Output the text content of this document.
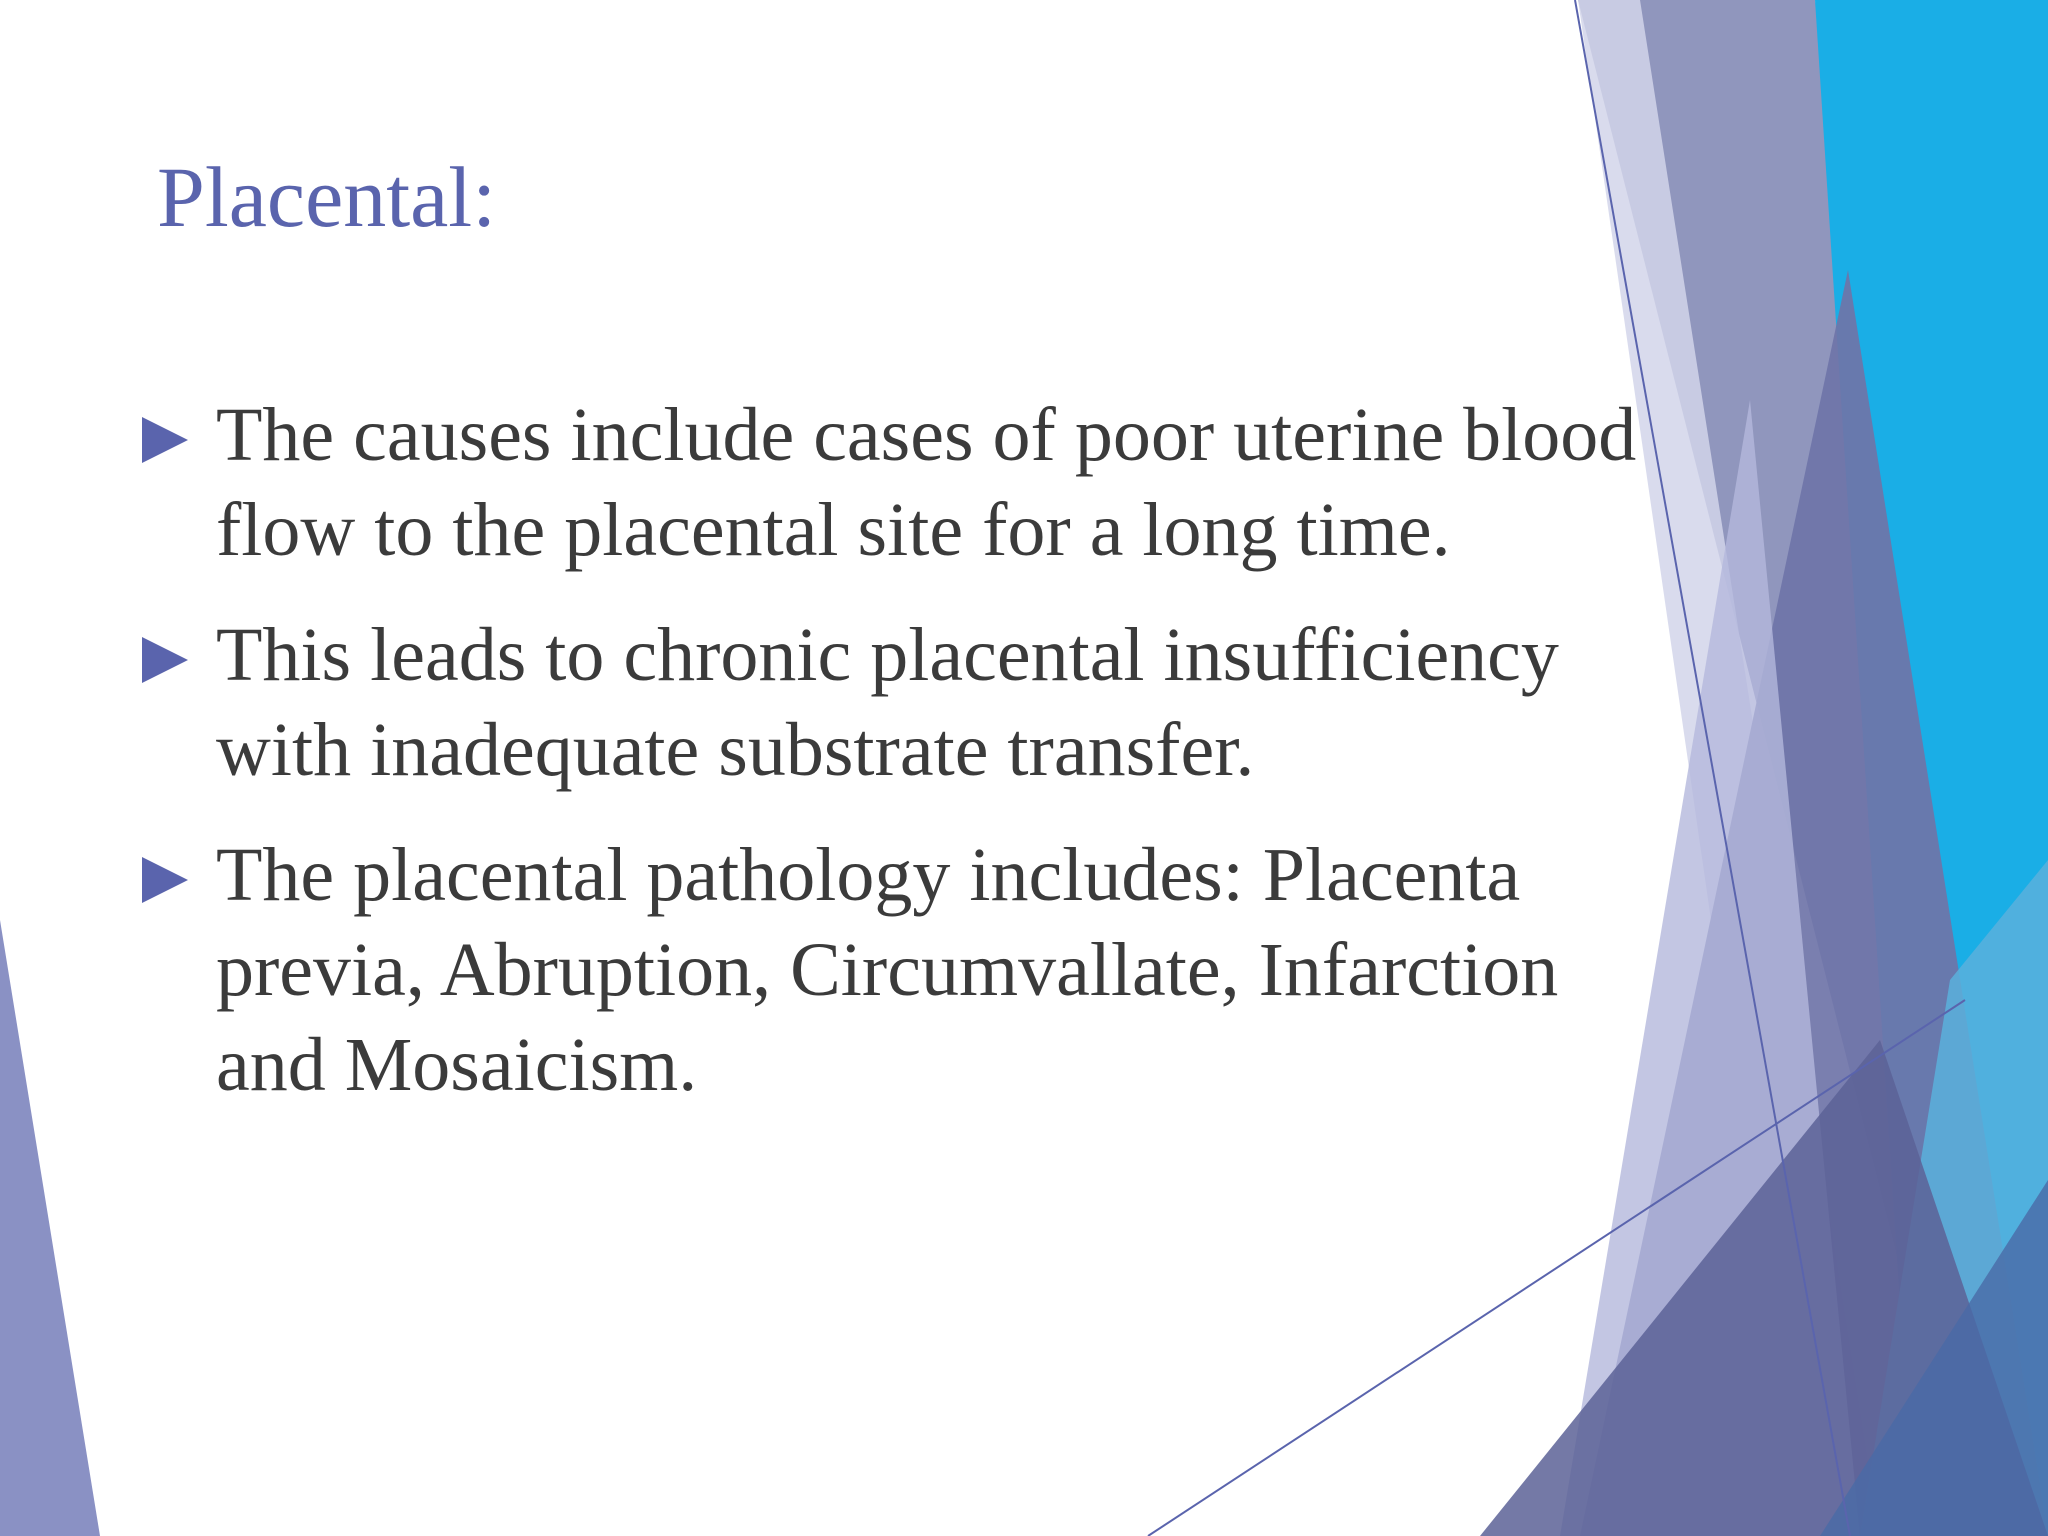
Placental:
The causes include cases of poor uterine blood flow to the placental site for a long time.
This leads to chronic placental insufficiency with inadequate substrate transfer.
The placental pathology includes: Placenta previa, Abruption, Circumvallate, Infarction and Mosaicism.
